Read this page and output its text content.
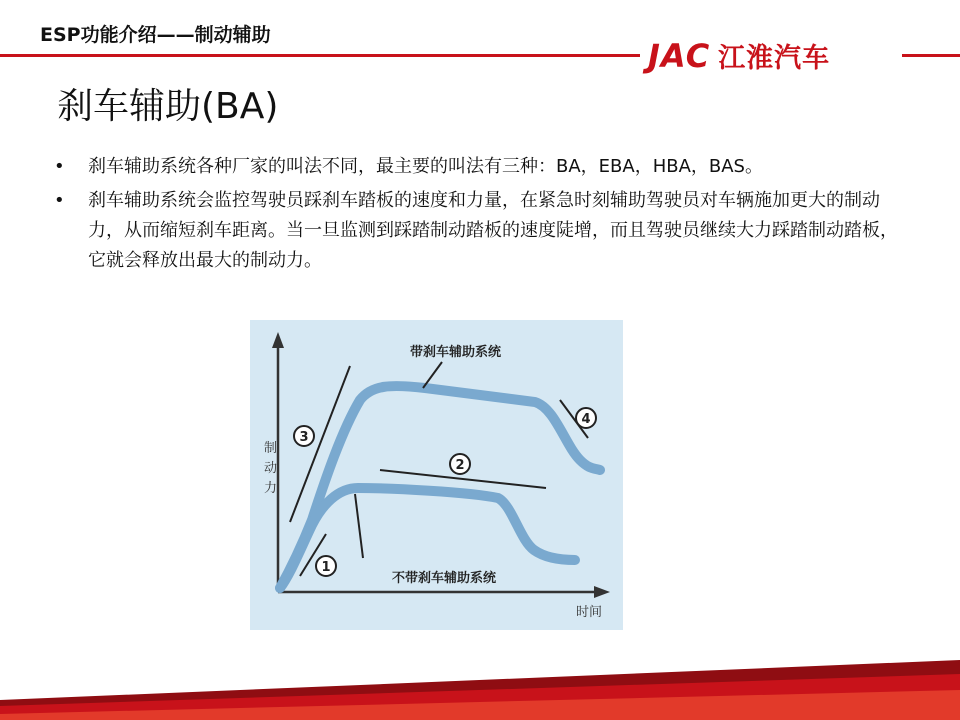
ESP功能介绍——制动辅助
JAC 江淮汽车
刹车辅助(BA)
• 刹车辅助系统各种厂家的叫法不同，最主要的叫法有三种：BA，EBA，HBA，BAS。
• 刹车辅助系统会监控驾驶员踩刹车踏板的速度和力量，在紧急时刻辅助驾驶员对车辆施加更大的制动力，从而缩短刹车距离。当一旦监测到踩踏制动踏板的速度陡增，而且驾驶员继续大力踩踏制动踏板，它就会释放出最大的制动力。
制
动
力
时间
带刹车辅助系统
不带刹车辅助系统
3
1
2
4
